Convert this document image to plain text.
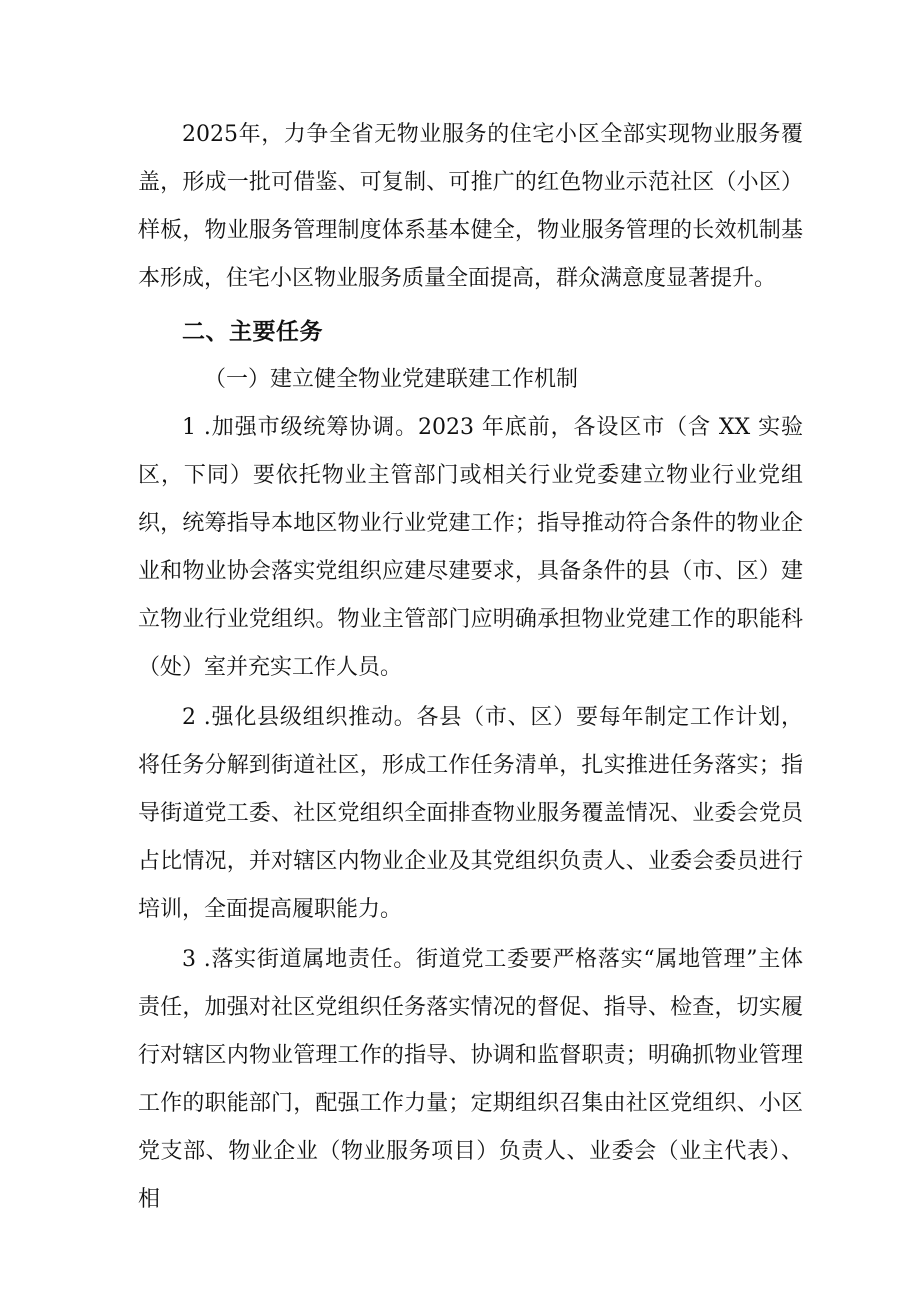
2025年，力争全省无物业服务的住宅小区全部实现物业服务覆盖，形成一批可借鉴、可复制、可推广的红色物业示范社区（小区）样板，物业服务管理制度体系基本健全，物业服务管理的长效机制基本形成，住宅小区物业服务质量全面提高，群众满意度显著提升。

二、主要任务

（一）建立健全物业党建联建工作机制

1 .加强市级统筹协调。2023 年底前，各设区市（含 XX 实验区，下同）要依托物业主管部门或相关行业党委建立物业行业党组织，统筹指导本地区物业行业党建工作；指导推动符合条件的物业企业和物业协会落实党组织应建尽建要求，具备条件的县（市、区）建立物业行业党组织。物业主管部门应明确承担物业党建工作的职能科（处）室并充实工作人员。

2 .强化县级组织推动。各县（市、区）要每年制定工作计划，将任务分解到街道社区，形成工作任务清单，扎实推进任务落实；指导街道党工委、社区党组织全面排查物业服务覆盖情况、业委会党员占比情况，并对辖区内物业企业及其党组织负责人、业委会委员进行培训，全面提高履职能力。

3 .落实街道属地责任。街道党工委要严格落实“属地管理”主体责任，加强对社区党组织任务落实情况的督促、指导、检查，切实履行对辖区内物业管理工作的指导、协调和监督职责；明确抓物业管理工作的职能部门，配强工作力量；定期组织召集由社区党组织、小区党支部、物业企业（物业服务项目）负责人、业委会（业主代表）、相
